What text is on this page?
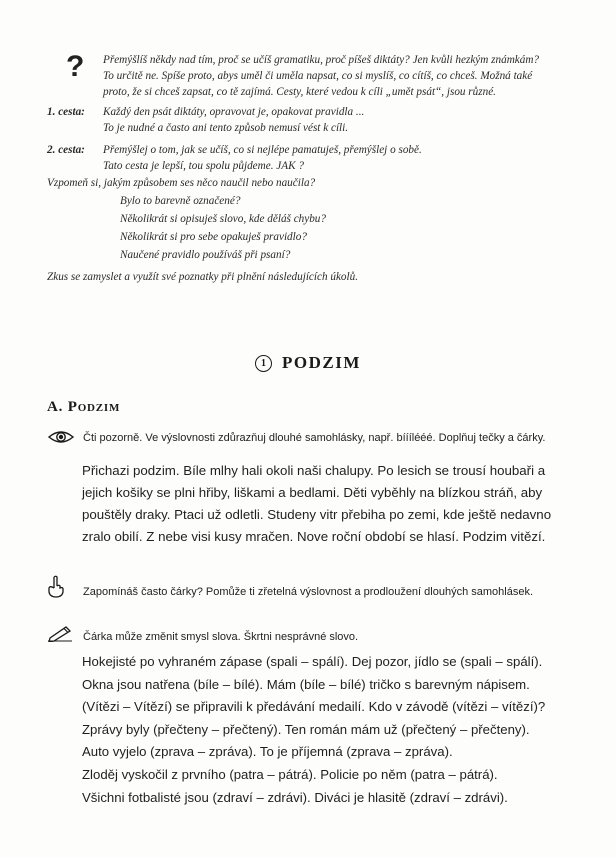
? Přemýšlíš někdy nad tím, proč se učíš gramatiku, proč píšeš diktáty? Jen kvůli hezkým známkám?

To určitě ne. Spíše proto, abys uměl či uměla napsat, co si myslíš, co cítíš, co chceš. Možná také

proto, že si chceš zapsat, co tě zajímá. Cesty, které vedou k cíli „umět psát“, jsou různé.

1. cesta: Každý den psát diktáty, opravovat je, opakovat pravidla ...
To je nudné a často ani tento způsob nemusí vést k cíli.
2. cesta: Přemýšlej o tom, jak se učíš, co si nejlépe pamatuješ, přemýšlej o sobě.
Tato cesta je lepší, tou spolu půjdeme. JAK ?
Vzpomeň si, jakým způsobem ses něco naučil nebo naučila?
Bylo to barevně označené?
Několikrát si opisuješ slovo, kde děláš chybu?
Několikrát si pro sebe opakuješ pravidlo?
Naučené pravidlo používáš při psaní?
Zkus se zamyslet a využít své poznatky při plnění následujících úkolů.
1 PODZIM
A. Podzim
Čti pozorně. Ve výslovnosti zdůrazňuj dlouhé samohlásky, např. bííílééé. Doplňuj tečky a čárky.
Přichazi podzim. Bíle mlhy hali okoli naši chalupy. Po lesich se trousí houbaři a
jejich košiky se plni hřiby, liškami a bedlami. Děti vyběhly na blízkou stráň, aby
pouštěly draky. Ptaci už odletli. Studeny vitr přebiha po zemi, kde ještě nedavno
zralo obilí. Z nebe visi kusy mračen. Nove roční období se hlasí. Podzim vitězí.
Zapomínáš často čárky? Pomůže ti zřetelná výslovnost a prodloužení dlouhých samohlásek.
Čárka může změnit smysl slova. Škrtni nesprávné slovo.
Hokejisté po vyhraném zápase (spali – spálí). Dej pozor, jídlo se (spali – spálí).
Okna jsou natřena (bíle – bílé). Mám (bíle – bílé) tričko s barevným nápisem.
(Vítězi – Vítězí) se připravili k předávání medailí. Kdo v závodě (vítězi – vítězí)?
Zprávy byly (přečteny – přečtený). Ten román mám už (přečtený – přečteny).
Auto vyjelo (zprava – zpráva). To je příjemná (zprava – zpráva).
Zloděj vyskočil z prvního (patra – pátrá). Policie po něm (patra – pátrá).
Všichni fotbalisté jsou (zdraví – zdrávi). Diváci je hlasitě (zdraví – zdrávi).
